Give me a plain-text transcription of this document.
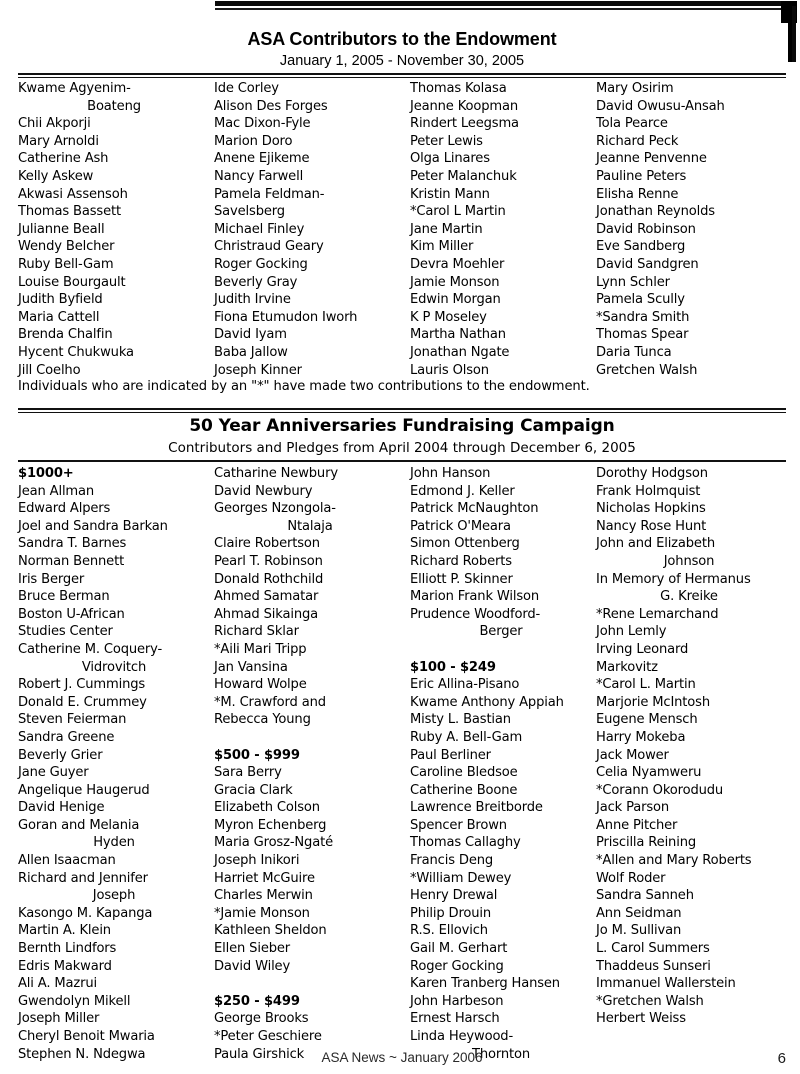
ASA Contributors to the Endowment
January 1, 2005 - November 30, 2005
Kwame Agyenim-
Boateng
Chii Akporji
Mary Arnoldi
Catherine Ash
Kelly Askew
Akwasi Assensoh
Thomas Bassett
Julianne Beall
Wendy Belcher
Ruby Bell-Gam
Louise Bourgault
Judith Byfield
Maria Cattell
Brenda Chalfin
Hycent Chukwuka
Jill Coelho
Ide Corley
Alison Des Forges
Mac Dixon-Fyle
Marion Doro
Anene Ejikeme
Nancy Farwell
Pamela Feldman-
Savelsberg
Michael Finley
Christraud Geary
Roger Gocking
Beverly Gray
Judith Irvine
Fiona Etumudon Iworh
David Iyam
Baba Jallow
Joseph Kinner
Thomas Kolasa
Jeanne Koopman
Rindert Leegsma
Peter Lewis
Olga Linares
Peter Malanchuk
Kristin Mann
*Carol L Martin
Jane Martin
Kim Miller
Devra Moehler
Jamie Monson
Edwin Morgan
K P Moseley
Martha Nathan
Jonathan Ngate
Lauris Olson
Mary Osirim
David Owusu-Ansah
Tola Pearce
Richard Peck
Jeanne Penvenne
Pauline Peters
Elisha Renne
Jonathan Reynolds
David Robinson
Eve Sandberg
David Sandgren
Lynn Schler
Pamela Scully
*Sandra Smith
Thomas Spear
Daria Tunca
Gretchen Walsh
Individuals who are indicated by an "*" have made two contributions to the endowment.
50 Year Anniversaries Fundraising Campaign
Contributors and Pledges from April 2004 through December 6, 2005
$1000+
Jean Allman
Edward Alpers
Joel and Sandra Barkan
Sandra T. Barnes
Norman Bennett
Iris Berger
Bruce Berman
Boston U-African
Studies Center
Catherine M. Coquery-
Vidrovitch
Robert J. Cummings
Donald E. Crummey
Steven Feierman
Sandra Greene
Beverly Grier
Jane Guyer
Angelique Haugerud
David Henige
Goran and Melania
Hyden
Allen Isaacman
Richard and Jennifer
Joseph
Kasongo M. Kapanga
Martin A. Klein
Bernth Lindfors
Edris Makward
Ali A. Mazrui
Gwendolyn Mikell
Joseph Miller
Cheryl Benoit Mwaria
Stephen N. Ndegwa
Catharine Newbury
David Newbury
Georges Nzongola-
Ntalaja
Claire Robertson
Pearl T. Robinson
Donald Rothchild
Ahmed Samatar
Ahmad Sikainga
Richard Sklar
*Aili Mari Tripp
Jan Vansina
Howard Wolpe
*M. Crawford and
Rebecca Young
$500 - $999
Sara Berry
Gracia Clark
Elizabeth Colson
Myron Echenberg
Maria Grosz-Ngaté
Joseph Inikori
Harriet McGuire
Charles Merwin
*Jamie Monson
Kathleen Sheldon
Ellen Sieber
David Wiley
$250 - $499
George Brooks
*Peter Geschiere
Paula Girshick
John Hanson
Edmond J. Keller
Patrick McNaughton
Patrick O'Meara
Simon Ottenberg
Richard Roberts
Elliott P. Skinner
Marion Frank Wilson
Prudence Woodford-
Berger
$100 - $249
Eric Allina-Pisano
Kwame Anthony Appiah
Misty L. Bastian
Ruby A. Bell-Gam
Paul Berliner
Caroline Bledsoe
Catherine Boone
Lawrence Breitborde
Spencer Brown
Thomas Callaghy
Francis Deng
*William Dewey
Henry Drewal
Philip Drouin
R.S. Ellovich
Gail M. Gerhart
Roger Gocking
Karen Tranberg Hansen
John Harbeson
Ernest Harsch
Linda Heywood-
Thornton
Dorothy Hodgson
Frank Holmquist
Nicholas Hopkins
Nancy Rose Hunt
John and Elizabeth
Johnson
In Memory of Hermanus
G. Kreike
*Rene Lemarchand
John Lemly
Irving Leonard
Markovitz
*Carol L. Martin
Marjorie McIntosh
Eugene Mensch
Harry Mokeba
Jack Mower
Celia Nyamweru
*Corann Okorodudu
Jack Parson
Anne Pitcher
Priscilla Reining
*Allen and Mary Roberts
Wolf Roder
Sandra Sanneh
Ann Seidman
Jo M. Sullivan
L. Carol Summers
Thaddeus Sunseri
Immanuel Wallerstein
*Gretchen Walsh
Herbert Weiss
ASA News ~ January 2006	6
